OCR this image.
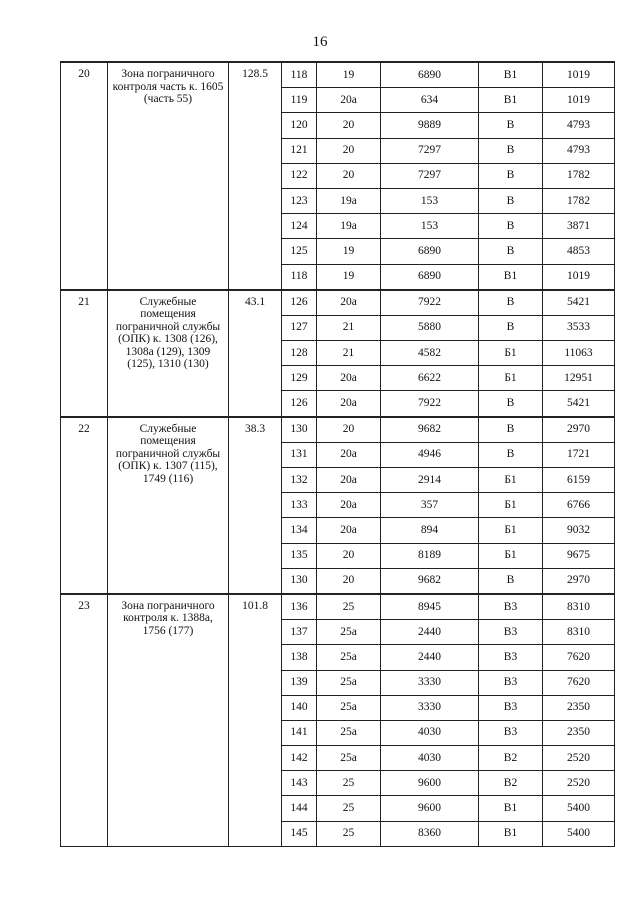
16
20	Зона пограничного контроля часть к. 1605 (часть 55)	128.5	118	19	6890	B1	1019
			119	20a	634	B1	1019
			120	20	9889	B	4793
			121	20	7297	B	4793
			122	20	7297	B	1782
			123	19a	153	B	1782
			124	19a	153	B	3871
			125	19	6890	B	4853
			118	19	6890	B1	1019
21	Служебные помещения пограничной службы (ОПК) к. 1308 (126), 1308а (129), 1309 (125), 1310 (130)	43.1	126	20a	7922	B	5421
			127	21	5880	B	3533
			128	21	4582	Б1	11063
			129	20a	6622	Б1	12951
			126	20a	7922	B	5421
22	Служебные помещения пограничной службы (ОПК) к. 1307 (115), 1749 (116)	38.3	130	20	9682	B	2970
			131	20a	4946	B	1721
			132	20a	2914	Б1	6159
			133	20a	357	Б1	6766
			134	20a	894	Б1	9032
			135	20	8189	Б1	9675
			130	20	9682	B	2970
23	Зона пограничного контроля к. 1388а, 1756 (177)	101.8	136	25	8945	B3	8310
			137	25a	2440	B3	8310
			138	25a	2440	B3	7620
			139	25a	3330	B3	7620
			140	25a	3330	B3	2350
			141	25a	4030	B3	2350
			142	25a	4030	B2	2520
			143	25	9600	B2	2520
			144	25	9600	B1	5400
			145	25	8360	B1	5400
